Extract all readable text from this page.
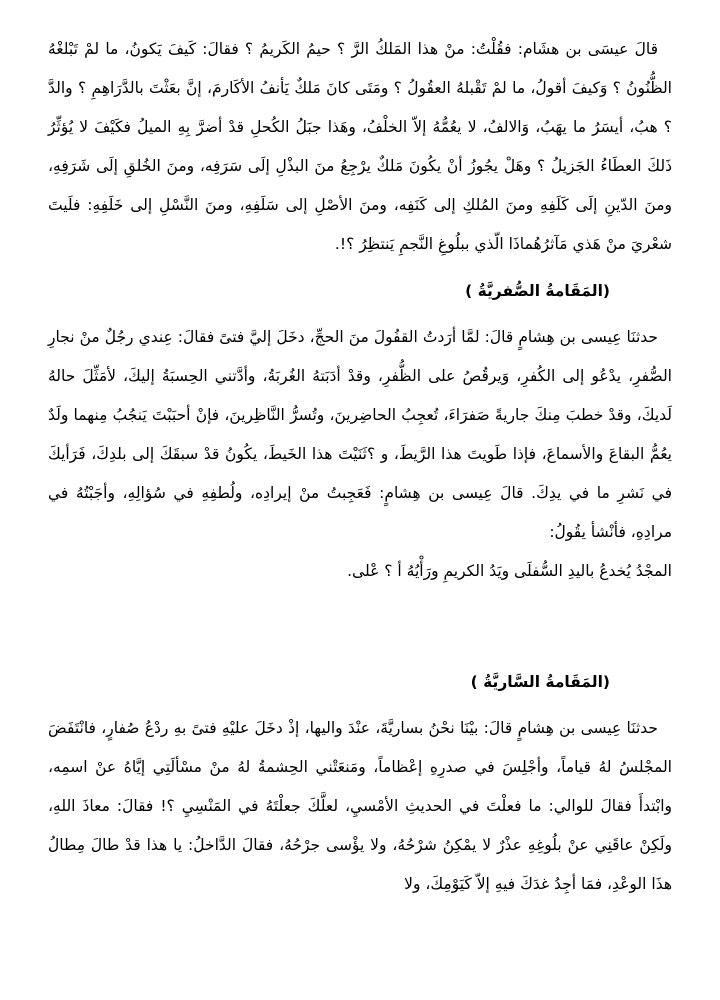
قالَ عيسَى بن هشَام: فقُلْتُ: منْ هذا المَلكُ الرَّ ؟ حيمُ الكَريمُ ؟ فقالَ: كَيفَ يَكونُ، ما لمْ تَبْلغْهُ الظُّنُونُ ؟ وَكيفَ أقولُ، ما لمْ تَقْبلهُ العقُولُ ؟ ومَتَى كانَ مَلكٌ يَأنفُ الأكَارمَ، إنَّ بعَثْتَ بالدَّرَاهِمِ ؟ والدَّ ؟ هبُ، أيسَرُ ما يهَبُ، وَالالفُ، لا يعُمُّهُ إلاّ الخلْفُ، وهَذا جبَلُ الكُحلِ قدْ أضرَّ بِهِ الميلُ فكَيْفَ لا يُؤثِّرُ ذَلكَ العطَاءُ الجَزيلُ ؟ وهَلْ يجُوزُ أنْ يكُونَ مَلكٌ يرْجِعُ منَ البذْلِ إلَى سَرَفِه، ومنَ الخُلقِ إلَى شَرَفِهِ، ومنَ الدّينِ إلَى كَلَفِهِ ومنَ المُلكِ إلى كَنَفِه، ومنَ الأصْلِ إلى سَلَفِهِ، ومنَ النَّسْلِ إلى خَلَفِهِ: فلَيتَ شعْريَ منْ هَذي مَآثرُهُماذَا الّذي ببلُوغِ النَّجمِ يَنتظِرُ ؟!.

(المَقَامةُ الصُّفريَّةُ )

حدثنَا عِيسى بن هِشامٍ قالَ: لمَّا أرَدتُ القفُولَ منَ الحجِّ، دخَلَ إليَّ فتىً فقالَ: عِندي رجُلٌ منْ نجارِ الصُّفرِ، يدْعُو إلى الكُفرِ، وَيرقُصُ على الظُّفرِ، وقدْ أدَبَتهُ الغُربَةُ، وأدَّتني الحِسبَةُ إليكَ، لأمَثِّلَ حالهُ لَديكَ، وقدْ خطبَ مِنكَ جاريةً صَفرَاءَ، تُعجِبُ الحاضِرينَ، وتُسرُّ النَّاظِرينَ، فإنْ أحبَبْتَ يَنجُبُ مِنهما ولَدٌ يعُمُّ البقاعَ والأسماعَ، فإذا طَويتَ هذا الرَّيطَ، و ؟ثَنَيْتَ هذا الخَيطَ، يكُونُ قدْ سبقَكَ إلى بلدِكَ، فَرَأيكَ في نَشرِ ما في يدِكَ. قالَ عِيسى بن هِشامٍ: فَعَجِبتُ منْ إيرادِه، ولُطفِهِ في سُؤالِهِ، وأجَبْتُهُ في مرادِهِ، فأنْشأ يقُولُ:

المجْدُ يُخدعُ باليدِ السُّفلَى ويَدُ الكريمِ ورَأْيُهُ أ ؟ عْلى.

(المَقَامةُ السَّاريَّةُ )

حدثنَا عِيسى بن هِشامٍ قالَ: بيْنَا نحْنُ بساريَّةَ، عنْدَ واليها، إذْ دخَلَ عليْهِ فتىً بهِ ردْعُ صُفارٍ، فانْتَفَضَ المجْلسُ لهُ قياماً، وأجْلِسَ في صدرِهِ إعْظاماً، ومَنعَتْني الحِشمةُ لهُ منْ مسْألَتِي إيَّاهُ عنْ اسمِه، وابْتدأَ فقالَ للوالي: ما فعلْتَ في الحديثِ الأمْسيِ، لعلَّكَ جعلْتَهُ في المَنْسِيِ ؟! فقالَ: معاذَ اللهِ، ولَكِنْ عاقَنِي عنْ بلُوغِهِ عذْرٌ لا يمْكِنُ شرْحُهُ، ولا يؤْسى جرْحُهُ، فقالَ الدَّاخلُ: يا هذا قدْ طالَ مِطالُ هذَا الوعْدِ، فمَا أجِدُ غدَكَ فيهِ إلاّ كَيَوْمِكَ، ولا
